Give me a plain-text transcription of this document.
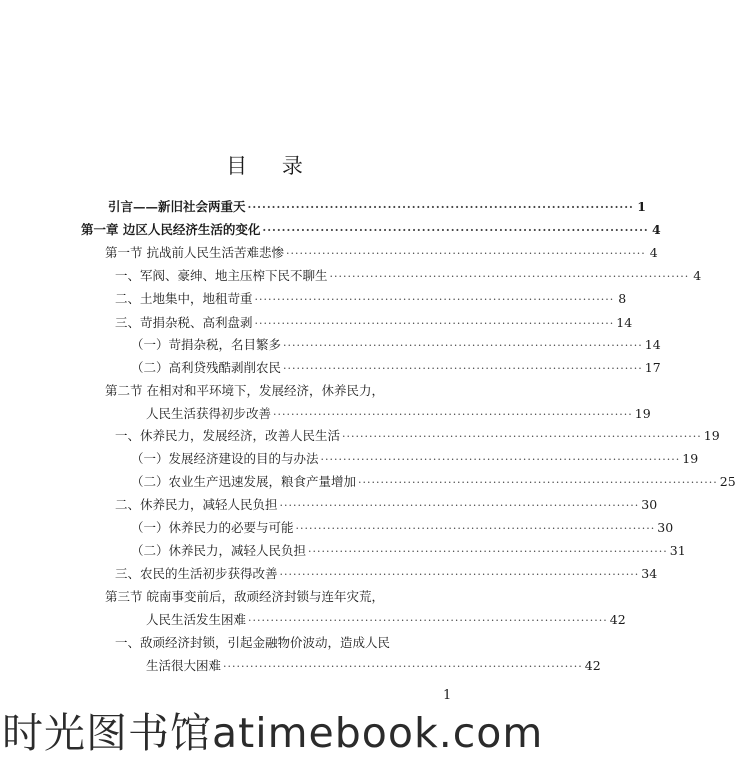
目 录
引言——新旧社会两重天 ················································································ 1
第一章 边区人民经济生活的变化 ················································································ 4
第一节 抗战前人民生活苦难悲惨 ················································································ 4
一、军阀、豪绅、地主压榨下民不聊生 ················································································ 4
二、土地集中，地租苛重 ················································································ 8
三、苛捐杂税、高利盘剥 ················································································ 14
（一）苛捐杂税，名目繁多 ················································································ 14
（二）高利贷残酷剥削农民 ················································································ 17
第二节 在相对和平环境下，发展经济，休养民力，
人民生活获得初步改善 ················································································ 19
一、休养民力，发展经济，改善人民生活 ················································································ 19
（一）发展经济建设的目的与办法 ················································································ 19
（二）农业生产迅速发展，粮食产量增加 ················································································ 25
二、休养民力，减轻人民负担 ················································································ 30
（一）休养民力的必要与可能 ················································································ 30
（二）休养民力，减轻人民负担 ················································································ 31
三、农民的生活初步获得改善 ················································································ 34
第三节 皖南事变前后，敌顽经济封锁与连年灾荒，
人民生活发生困难 ················································································ 42
一、敌顽经济封锁，引起金融物价波动，造成人民
生活很大困难 ················································································ 42
1
时光图书馆atimebook.com
